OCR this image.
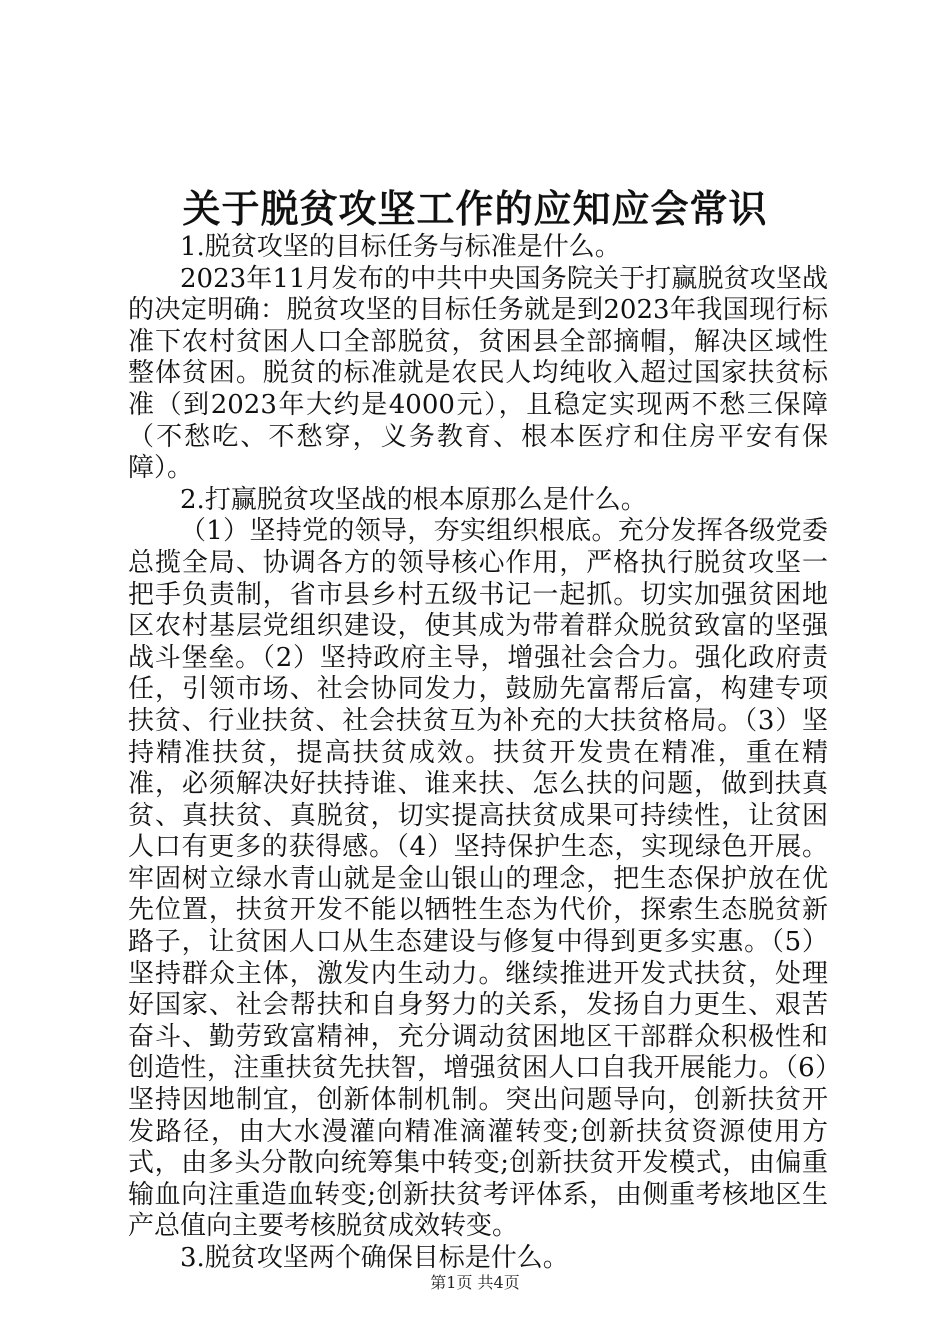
关于脱贫攻坚工作的应知应会常识

1.脱贫攻坚的目标任务与标准是什么。

2023年11月发布的中共中央国务院关于打赢脱贫攻坚战的决定明确：脱贫攻坚的目标任务就是到2023年我国现行标准下农村贫困人口全部脱贫，贫困县全部摘帽，解决区域性整体贫困。脱贫的标准就是农民人均纯收入超过国家扶贫标准（到2023年大约是4000元），且稳定实现两不愁三保障（不愁吃、不愁穿，义务教育、根本医疗和住房平安有保障）。

2.打赢脱贫攻坚战的根本原那么是什么。

（1）坚持党的领导，夯实组织根底。充分发挥各级党委总揽全局、协调各方的领导核心作用，严格执行脱贫攻坚一把手负责制，省市县乡村五级书记一起抓。切实加强贫困地区农村基层党组织建设，使其成为带着群众脱贫致富的坚强战斗堡垒。（2）坚持政府主导，增强社会合力。强化政府责任，引领市场、社会协同发力，鼓励先富帮后富，构建专项扶贫、行业扶贫、社会扶贫互为补充的大扶贫格局。（3）坚持精准扶贫，提高扶贫成效。扶贫开发贵在精准，重在精准，必须解决好扶持谁、谁来扶、怎么扶的问题，做到扶真贫、真扶贫、真脱贫，切实提高扶贫成果可持续性，让贫困人口有更多的获得感。（4）坚持保护生态，实现绿色开展。牢固树立绿水青山就是金山银山的理念，把生态保护放在优先位置，扶贫开发不能以牺牲生态为代价，探索生态脱贫新路子，让贫困人口从生态建设与修复中得到更多实惠。（5）坚持群众主体，激发内生动力。继续推进开发式扶贫，处理好国家、社会帮扶和自身努力的关系，发扬自力更生、艰苦奋斗、勤劳致富精神，充分调动贫困地区干部群众积极性和创造性，注重扶贫先扶智，增强贫困人口自我开展能力。（6）坚持因地制宜，创新体制机制。突出问题导向，创新扶贫开发路径，由大水漫灌向精准滴灌转变;创新扶贫资源使用方式，由多头分散向统筹集中转变;创新扶贫开发模式，由偏重输血向注重造血转变;创新扶贫考评体系，由侧重考核地区生产总值向主要考核脱贫成效转变。

3.脱贫攻坚两个确保目标是什么。

第1页 共4页
